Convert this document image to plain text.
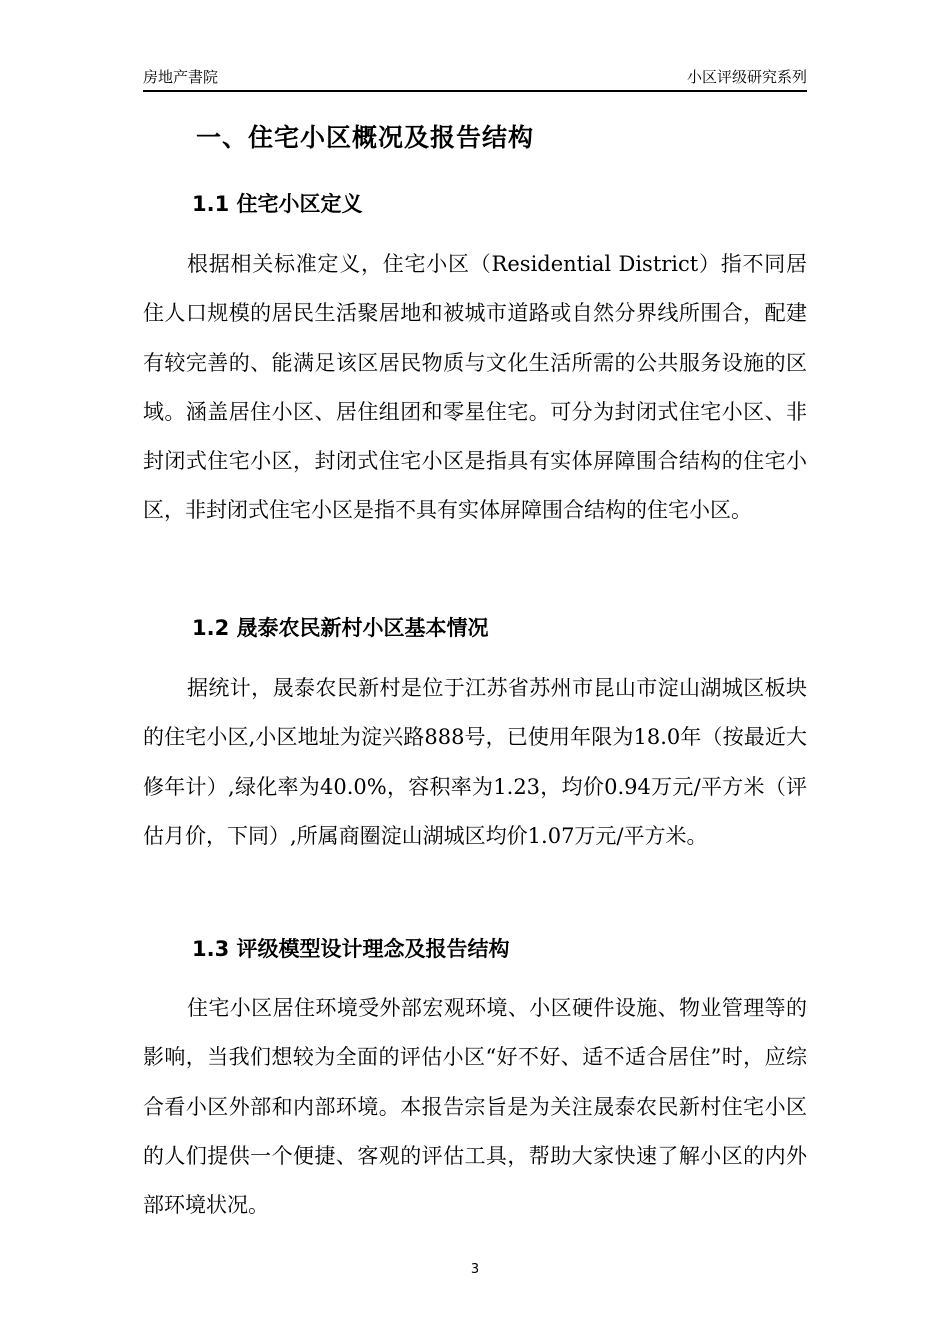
房地产書院	小区评级研究系列
一、住宅小区概况及报告结构
1.1 住宅小区定义

根据相关标准定义，住宅小区（Residential District）指不同居住人口规模的居民生活聚居地和被城市道路或自然分界线所围合，配建有较完善的、能满足该区居民物质与文化生活所需的公共服务设施的区域。涵盖居住小区、居住组团和零星住宅。可分为封闭式住宅小区、非封闭式住宅小区，封闭式住宅小区是指具有实体屏障围合结构的住宅小区，非封闭式住宅小区是指不具有实体屏障围合结构的住宅小区。

1.2 晟泰农民新村小区基本情况

据统计，晟泰农民新村是位于江苏省苏州市昆山市淀山湖城区板块的住宅小区,小区地址为淀兴路888号，已使用年限为18.0年（按最近大修年计）,绿化率为40.0%，容积率为1.23，均价0.94万元/平方米（评估月价，下同）,所属商圈淀山湖城区均价1.07万元/平方米。

1.3 评级模型设计理念及报告结构

住宅小区居住环境受外部宏观环境、小区硬件设施、物业管理等的影响，当我们想较为全面的评估小区“好不好、适不适合居住”时，应综合看小区外部和内部环境。本报告宗旨是为关注晟泰农民新村住宅小区的人们提供一个便捷、客观的评估工具，帮助大家快速了解小区的内外部环境状况。

3
